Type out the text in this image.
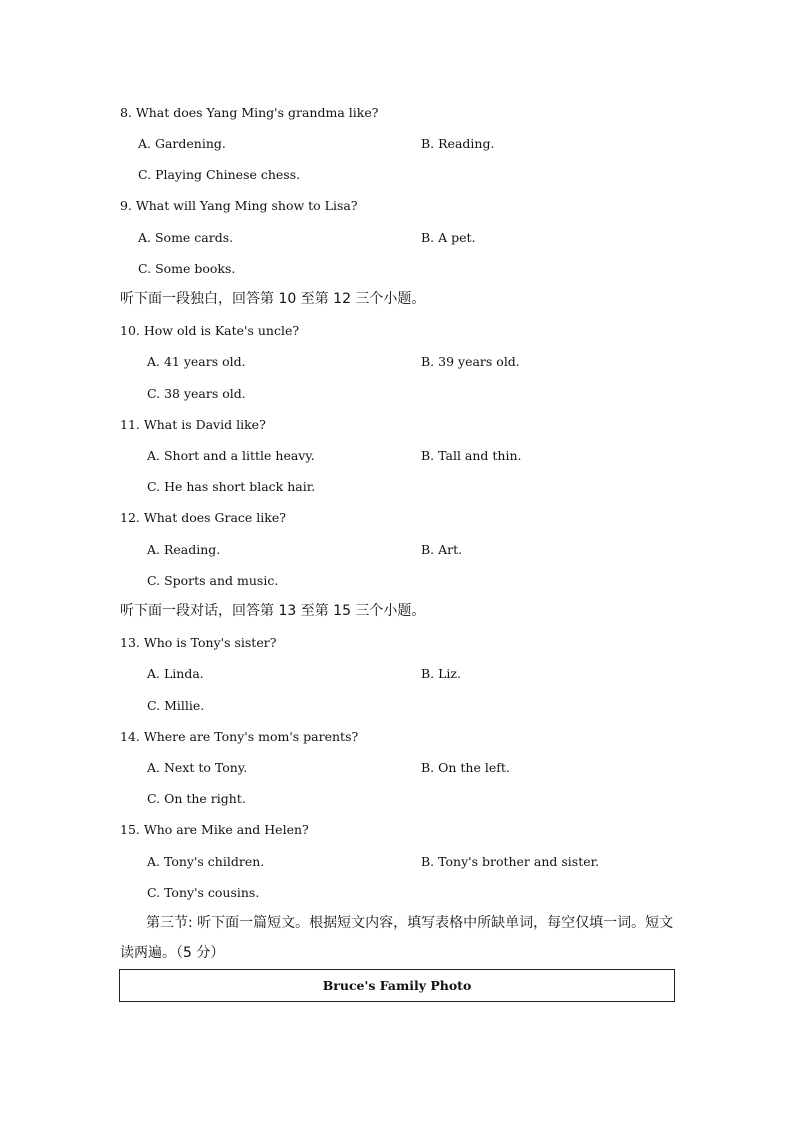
8. What does Yang Ming's grandma like?
A. Gardening.	B. Reading.
C. Playing Chinese chess.
9. What will Yang Ming show to Lisa?
A. Some cards.	B. A pet.
C. Some books.
听下面一段独白，回答第 10 至第 12 三个小题。
10. How old is Kate's uncle?
A. 41 years old.	B. 39 years old.
C. 38 years old.
11. What is David like?
A. Short and a little heavy.	B. Tall and thin.
C. He has short black hair.
12. What does Grace like?
A. Reading.	B. Art.
C. Sports and music.
听下面一段对话，回答第 13 至第 15 三个小题。
13. Who is Tony's sister?
A. Linda.	B. Liz.
C. Millie.
14. Where are Tony's mom's parents?
A. Next to Tony.	B. On the left.
C. On the right.
15. Who are Mike and Helen?
A. Tony's children.	B. Tony's brother and sister.
C. Tony's cousins.
第三节: 听下面一篇短文。根据短文内容，填写表格中所缺单词，每空仅填一词。短文读两遍。（5 分）
Bruce's Family Photo
